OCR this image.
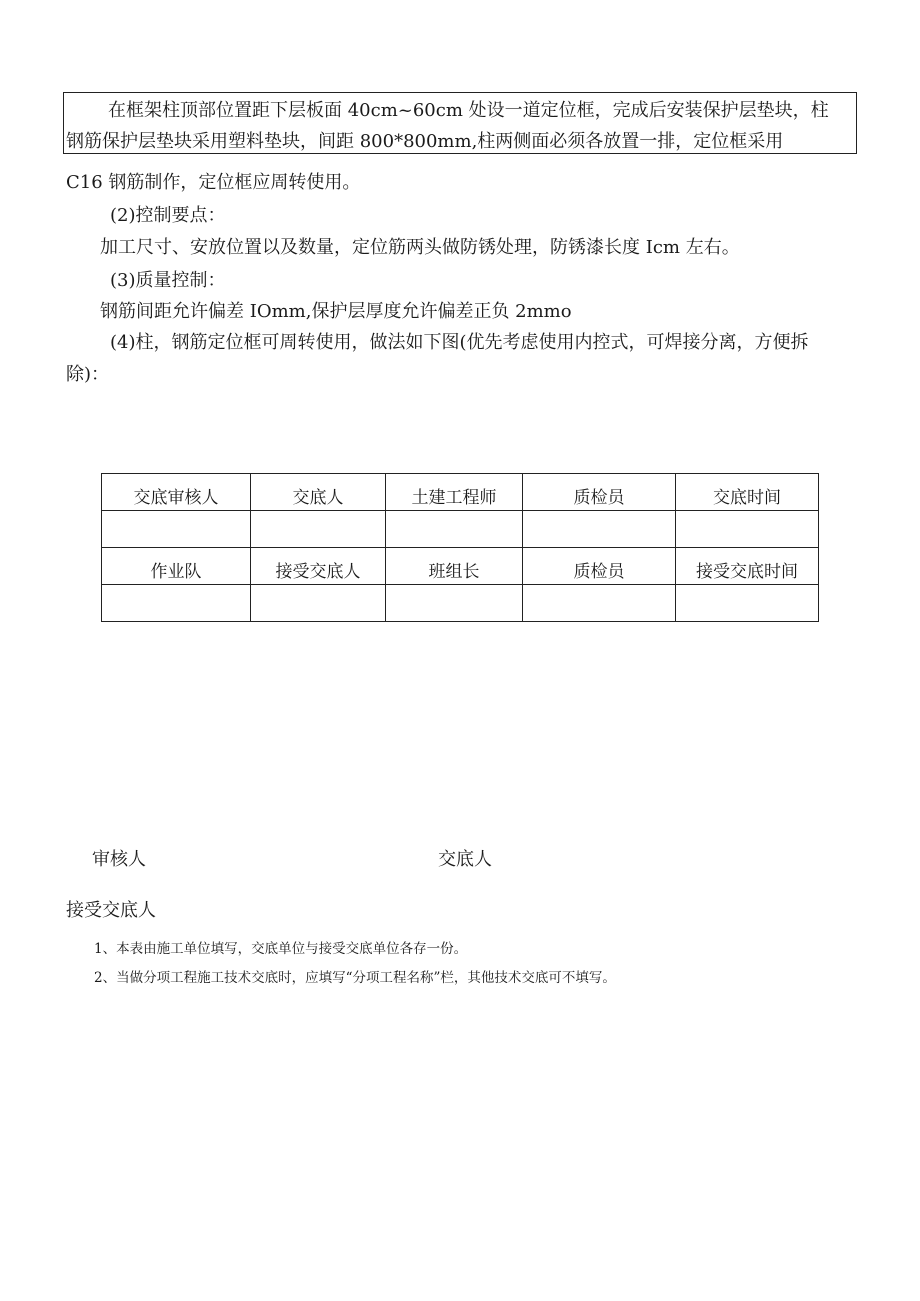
在框架柱顶部位置距下层板面 40cm~60cm 处设一道定位框，完成后安装保护层垫块，柱
钢筋保护层垫块采用塑料垫块，间距 800*800mm,柱两侧面必须各放置一排，定位框采用
C16 钢筋制作，定位框应周转使用。
(2)控制要点：
加工尺寸、安放位置以及数量，定位筋两头做防锈处理，防锈漆长度 Icm 左右。
(3)质量控制：
钢筋间距允许偏差 IOmm,保护层厚度允许偏差正负 2mmo
(4)柱，钢筋定位框可周转使用，做法如下图(优先考虑使用内控式，可焊接分离，方便拆
除)：
交底审核人	交底人	土建工程师	质检员	交底时间

作业队	接受交底人	班组长	质检员	接受交底时间

审核人	交底人
接受交底人
1、本表由施工单位填写，交底单位与接受交底单位各存一份。
2、当做分项工程施工技术交底时，应填写“分项工程名称”栏，其他技术交底可不填写。
